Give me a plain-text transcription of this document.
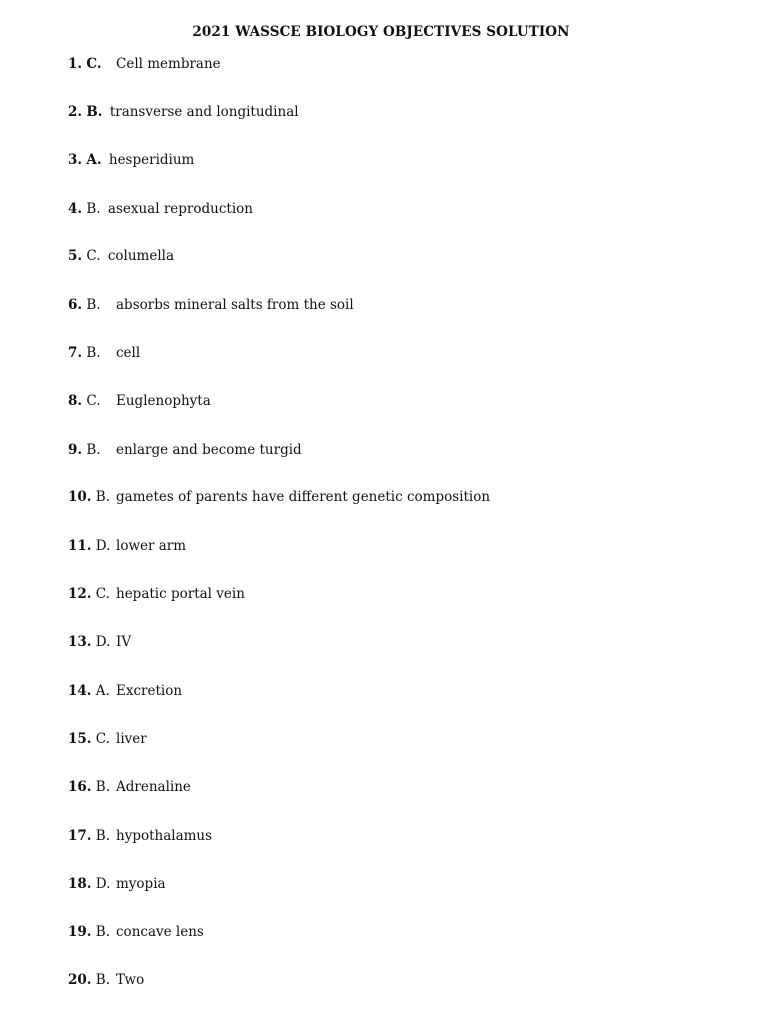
2021 WASSCE BIOLOGY OBJECTIVES SOLUTION
1. C. Cell membrane
2. B. transverse and longitudinal
3. A. hesperidium
4. B. asexual reproduction
5. C. columella
6. B. absorbs mineral salts from the soil
7. B. cell
8. C. Euglenophyta
9. B. enlarge and become turgid
10. B. gametes of parents have different genetic composition
11. D. lower arm
12. C. hepatic portal vein
13. D. IV
14. A. Excretion
15. C. liver
16. B. Adrenaline
17. B. hypothalamus
18. D. myopia
19. B. concave lens
20. B. Two
